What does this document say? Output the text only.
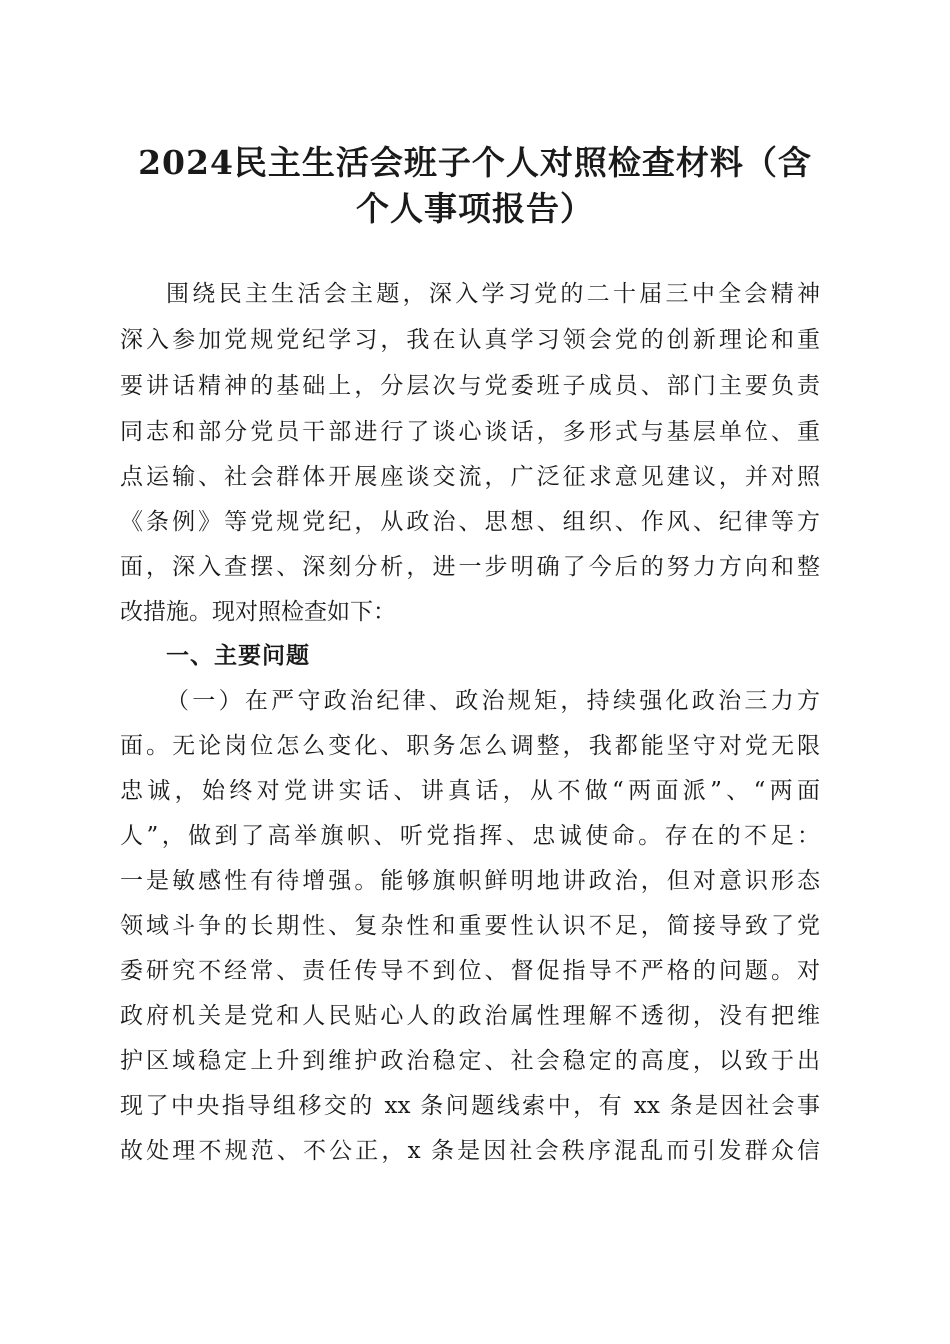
2024民主生活会班子个人对照检查材料（含
个人事项报告）
围绕民主生活会主题，深入学习党的二十届三中全会精神
深入参加党规党纪学习，我在认真学习领会党的创新理论和重
要讲话精神的基础上，分层次与党委班子成员、部门主要负责
同志和部分党员干部进行了谈心谈话，多形式与基层单位、重
点运输、社会群体开展座谈交流，广泛征求意见建议，并对照
《条例》等党规党纪，从政治、思想、组织、作风、纪律等方
面，深入查摆、深刻分析，进一步明确了今后的努力方向和整
改措施。现对照检查如下：
一、主要问题
（一）在严守政治纪律、政治规矩，持续强化政治三力方
面。无论岗位怎么变化、职务怎么调整，我都能坚守对党无限
忠诚，始终对党讲实话、讲真话，从不做“两面派”、“两面
人”，做到了高举旗帜、听党指挥、忠诚使命。存在的不足：
一是敏感性有待增强。能够旗帜鲜明地讲政治，但对意识形态
领域斗争的长期性、复杂性和重要性认识不足，简接导致了党
委研究不经常、责任传导不到位、督促指导不严格的问题。对
政府机关是党和人民贴心人的政治属性理解不透彻，没有把维
护区域稳定上升到维护政治稳定、社会稳定的高度，以致于出
现了中央指导组移交的 xx 条问题线索中，有 xx 条是因社会事
故处理不规范、不公正，x 条是因社会秩序混乱而引发群众信
